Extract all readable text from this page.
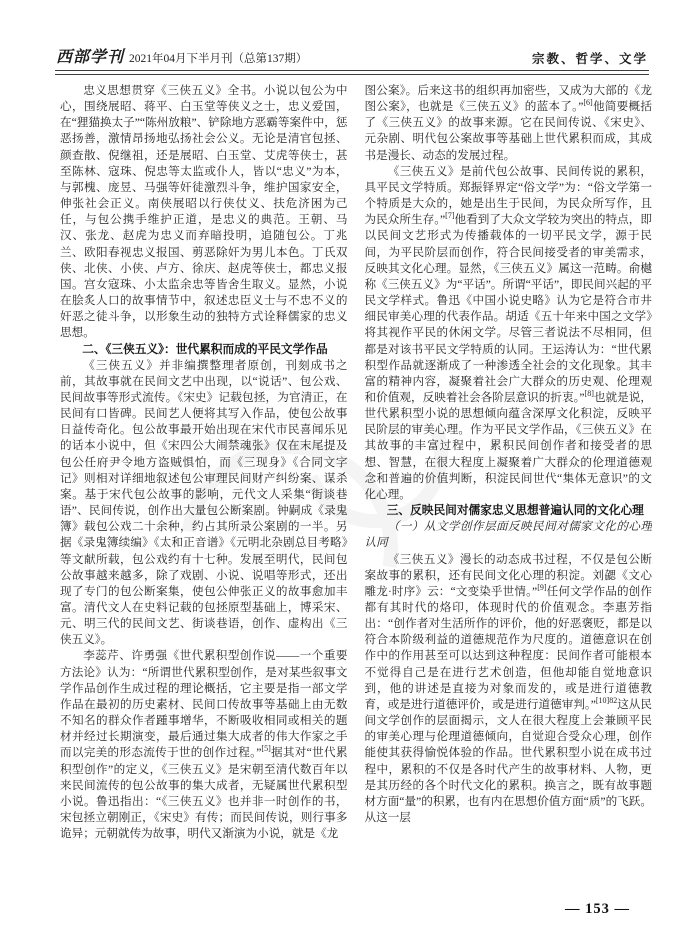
西部学刊 2021年04月下半月刊（总第137期）	宗教、哲学、文学

忠义思想贯穿《三侠五义》全书。小说以包公为中心，围绕展昭、蒋平、白玉堂等侠义之士，忠义爱国，在“狸猫换太子”“陈州放粮”、铲除地方恶霸等案件中，惩恶扬善，激情昂扬地弘扬社会公义。无论是清官包拯、颜查散、倪继祖，还是展昭、白玉堂、艾虎等侠士，甚至陈林、寇珠、倪忠等太监或仆人，皆以“忠义”为本，与郭槐、庞昱、马强等奸徒激烈斗争，维护国家安全，伸张社会正义。南侠展昭以行侠仗义、扶危济困为己任，与包公携手维护正道，是忠义的典范。王朝、马汉、张龙、赵虎为忠义而弃暗投明，追随包公。丁兆兰、欧阳春视忠义报国、剪恶除奸为男儿本色。丁氏双侠、北侠、小侠、卢方、徐庆、赵虎等侠士，都忠义报国。宫女寇珠、小太监余忠等皆舍生取义。显然，小说在脍炙人口的故事情节中，叙述忠臣义士与不忠不义的奸恶之徒斗争，以形象生动的独特方式诠释儒家的忠义思想。

二、《三侠五义》：世代累积而成的平民文学作品

《三侠五义》并非编撰整理者原创，刊刻成书之前，其故事就在民间文艺中出现，以“说话”、包公戏、民间故事等形式流传。《宋史》记载包拯，为官清正，在民间有口皆碑。民间艺人便将其写入作品，使包公故事日益传奇化。包公故事最开始出现在宋代市民喜闻乐见的话本小说中，但《宋四公大闹禁魂张》仅在末尾提及包公任府尹令地方盗贼惧怕，而《三现身》《合同文字记》则相对详细地叙述包公审理民间财产纠纷案、谋杀案。基于宋代包公故事的影响，元代文人采集“街谈巷语”、民间传说，创作出大量包公断案剧。钟嗣成《录鬼簿》载包公戏二十余种，约占其所录公案剧的一半。另据《录鬼簿续编》《太和正音谱》《元明北杂剧总目考略》等文献所载，包公戏约有十七种。发展至明代，民间包公故事越来越多，除了戏剧、小说、说唱等形式，还出现了专门的包公断案集，使包公伸张正义的故事愈加丰富。清代文人在史料记载的包拯原型基础上，博采宋、元、明三代的民间文艺、街谈巷语，创作、虚构出《三侠五义》。

李蕊芹、许勇强《世代累积型创作说——一个重要方法论》认为：“所谓世代累积型创作，是对某些叙事文学作品创作生成过程的理论概括，它主要是指一部文学作品在最初的历史素材、民间口传故事等基础上由无数不知名的群众作者踵事增华，不断吸收相同或相关的题材并经过长期演变，最后通过集大成者的伟大作家之手而以完美的形态流传于世的创作过程。”[5]据其对“世代累积型创作”的定义，《三侠五义》是宋朝至清代数百年以来民间流传的包公故事的集大成者，无疑属世代累积型小说。鲁迅指出：“《三侠五义》也并非一时创作的书，宋包拯立朝刚正，《宋史》有传；而民间传说，则行事多诡异；元朝就传为故事，明代又渐演为小说，就是《龙

图公案》。后来这书的组织再加密些，又成为大部的《龙图公案》，也就是《三侠五义》的蓝本了。”[6]他简要概括了《三侠五义》的故事来源。它在民间传说、《宋史》、元杂剧、明代包公案故事等基础上世代累积而成，其成书是漫长、动态的发展过程。

《三侠五义》是前代包公故事、民间传说的累积，具平民文学特质。郑振铎界定“俗文学”为：“俗文学第一个特质是大众的，她是出生于民间，为民众所写作，且为民众所生存。”[7]他看到了大众文学较为突出的特点，即以民间文艺形式为传播载体的一切平民文学，源于民间，为平民阶层而创作，符合民间接受者的审美需求，反映其文化心理。显然，《三侠五义》属这一范畴。俞樾称《三侠五义》为“平话”。所谓“平话”，即民间兴起的平民文学样式。鲁迅《中国小说史略》认为它是符合市井细民审美心理的代表作品。胡适《五十年来中国之文学》将其视作平民的休闲文学。尽管三者说法不尽相同，但都是对该书平民文学特质的认同。王运涛认为：“世代累积型作品就逐渐成了一种渗透全社会的文化现象。其丰富的精神内容，凝聚着社会广大群众的历史观、伦理观和价值观，反映着社会各阶层意识的折衷。”[8]也就是说，世代累积型小说的思想倾向蕴含深厚文化积淀，反映平民阶层的审美心理。作为平民文学作品，《三侠五义》在其故事的丰富过程中，累积民间创作者和接受者的思想、智慧，在很大程度上凝聚着广大群众的伦理道德观念和普遍的价值判断，积淀民间世代“集体无意识”的文化心理。

三、反映民间对儒家忠义思想普遍认同的文化心理
（一）从文学创作层面反映民间对儒家文化的心理认同

《三侠五义》漫长的动态成书过程，不仅是包公断案故事的累积，还有民间文化心理的积淀。刘勰《文心雕龙·时序》云：“文变染乎世情。”[9]任何文学作品的创作都有其时代的烙印，体现时代的价值观念。李惠芳指出：“创作者对生活所作的评价，他的好恶褒贬，都是以符合本阶级利益的道德规范作为尺度的。道德意识在创作中的作用甚至可以达到这种程度：民间作者可能根本不觉得自己是在进行艺术创造，但他却能自觉地意识到，他的讲述是直接为对象而发的，或是进行道德教育，或是进行道德评价，或是进行道德审判。”$^{[10]82}$这从民间文学创作的层面揭示，文人在很大程度上会兼顾平民的审美心理与伦理道德倾向，自觉迎合受众心理，创作能使其获得愉悦体验的作品。世代累积型小说在成书过程中，累积的不仅是各时代产生的故事材料、人物，更是其历经的各个时代文化的累积。换言之，既有故事题材方面“量”的积累，也有内在思想价值方面“质”的飞跃。从这一层

— 153 —
